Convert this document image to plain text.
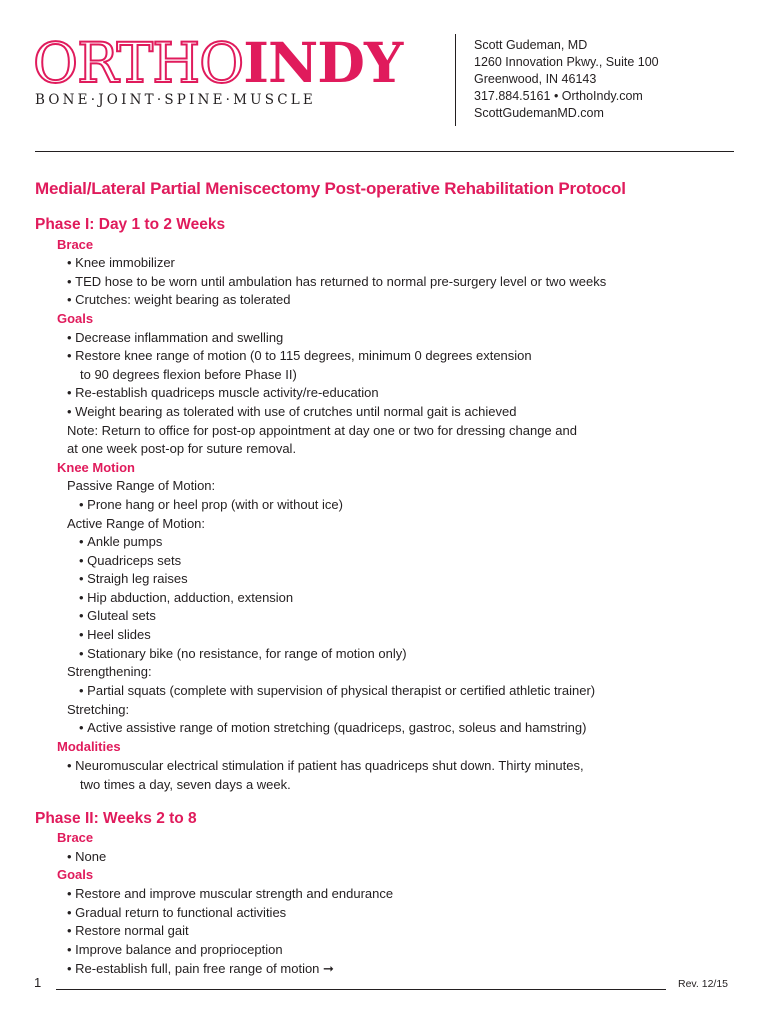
ORTHOINDY
BONE·JOINT·SPINE·MUSCLE
Scott Gudeman, MD
1260 Innovation Pkwy., Suite 100
Greenwood, IN 46143
317.884.5161 • OrthoIndy.com
ScottGudemanMD.com
Medial/Lateral Partial Meniscectomy Post-operative Rehabilitation Protocol
Phase I: Day 1 to 2 Weeks
Brace
• Knee immobilizer
• TED hose to be worn until ambulation has returned to normal pre-surgery level or two weeks
• Crutches: weight bearing as tolerated
Goals
• Decrease inflammation and swelling
• Restore knee range of motion (0 to 115 degrees, minimum 0 degrees extension
to 90 degrees flexion before Phase II)
• Re-establish quadriceps muscle activity/re-education
• Weight bearing as tolerated with use of crutches until normal gait is achieved
Note: Return to office for post-op appointment at day one or two for dressing change and
at one week post-op for suture removal.
Knee Motion
Passive Range of Motion:
• Prone hang or heel prop (with or without ice)
Active Range of Motion:
• Ankle pumps
• Quadriceps sets
• Straigh leg raises
• Hip abduction, adduction, extension
• Gluteal sets
• Heel slides
• Stationary bike (no resistance, for range of motion only)
Strengthening:
• Partial squats (complete with supervision of physical therapist or certified athletic trainer)
Stretching:
• Active assistive range of motion stretching (quadriceps, gastroc, soleus and hamstring)
Modalities
• Neuromuscular electrical stimulation if patient has quadriceps shut down. Thirty minutes,
two times a day, seven days a week.
Phase II: Weeks 2 to 8
Brace
• None
Goals
• Restore and improve muscular strength and endurance
• Gradual return to functional activities
• Restore normal gait
• Improve balance and proprioception
• Re-establish full, pain free range of motion ➞
1	Rev. 12/15
